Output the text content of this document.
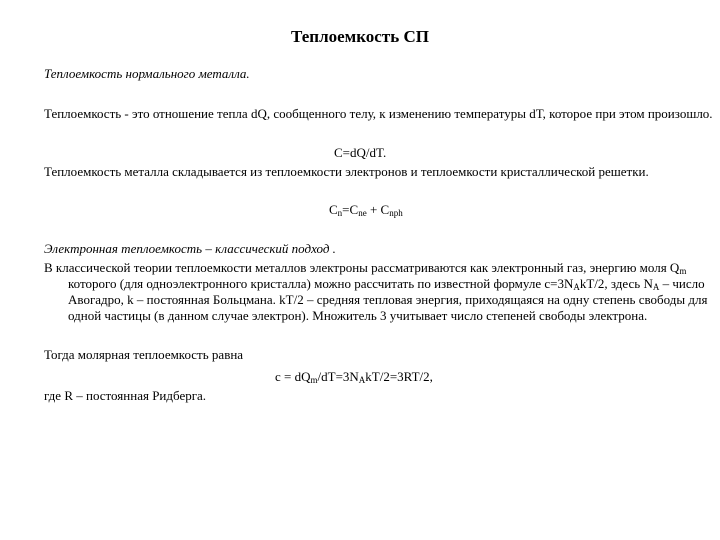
Теплоемкость СП
Теплоемкость нормального металла.
Теплоемкость - это отношение тепла dQ, сообщенного телу, к изменению температуры dT, которое при этом произошло.
C=dQ/dT.
Теплоемкость металла складывается из теплоемкости электронов и теплоемкости кристаллической решетки.
$C_n=C_{ne} + C_{nph}$
Электронная теплоемкость – классический подход .
В классической теории теплоемкости металлов электроны рассматриваются как электронный газ, энергию моля $Q_m$ которого (для одноэлектронного кристалла) можно рассчитать по известной формуле $c=3N_AkT/2$, здесь $N_A$ – число Авогадро, k – постоянная Больцмана. kT/2 – средняя тепловая энергия, приходящаяся на одну степень свободы для одной частицы (в данном случае электрон). Множитель 3 учитывает число степеней свободы электрона.
Тогда молярная теплоемкость равна
$c = dQ_m/dT=3N_AkT/2=3RT/2$,
где R – постоянная Ридберга.
